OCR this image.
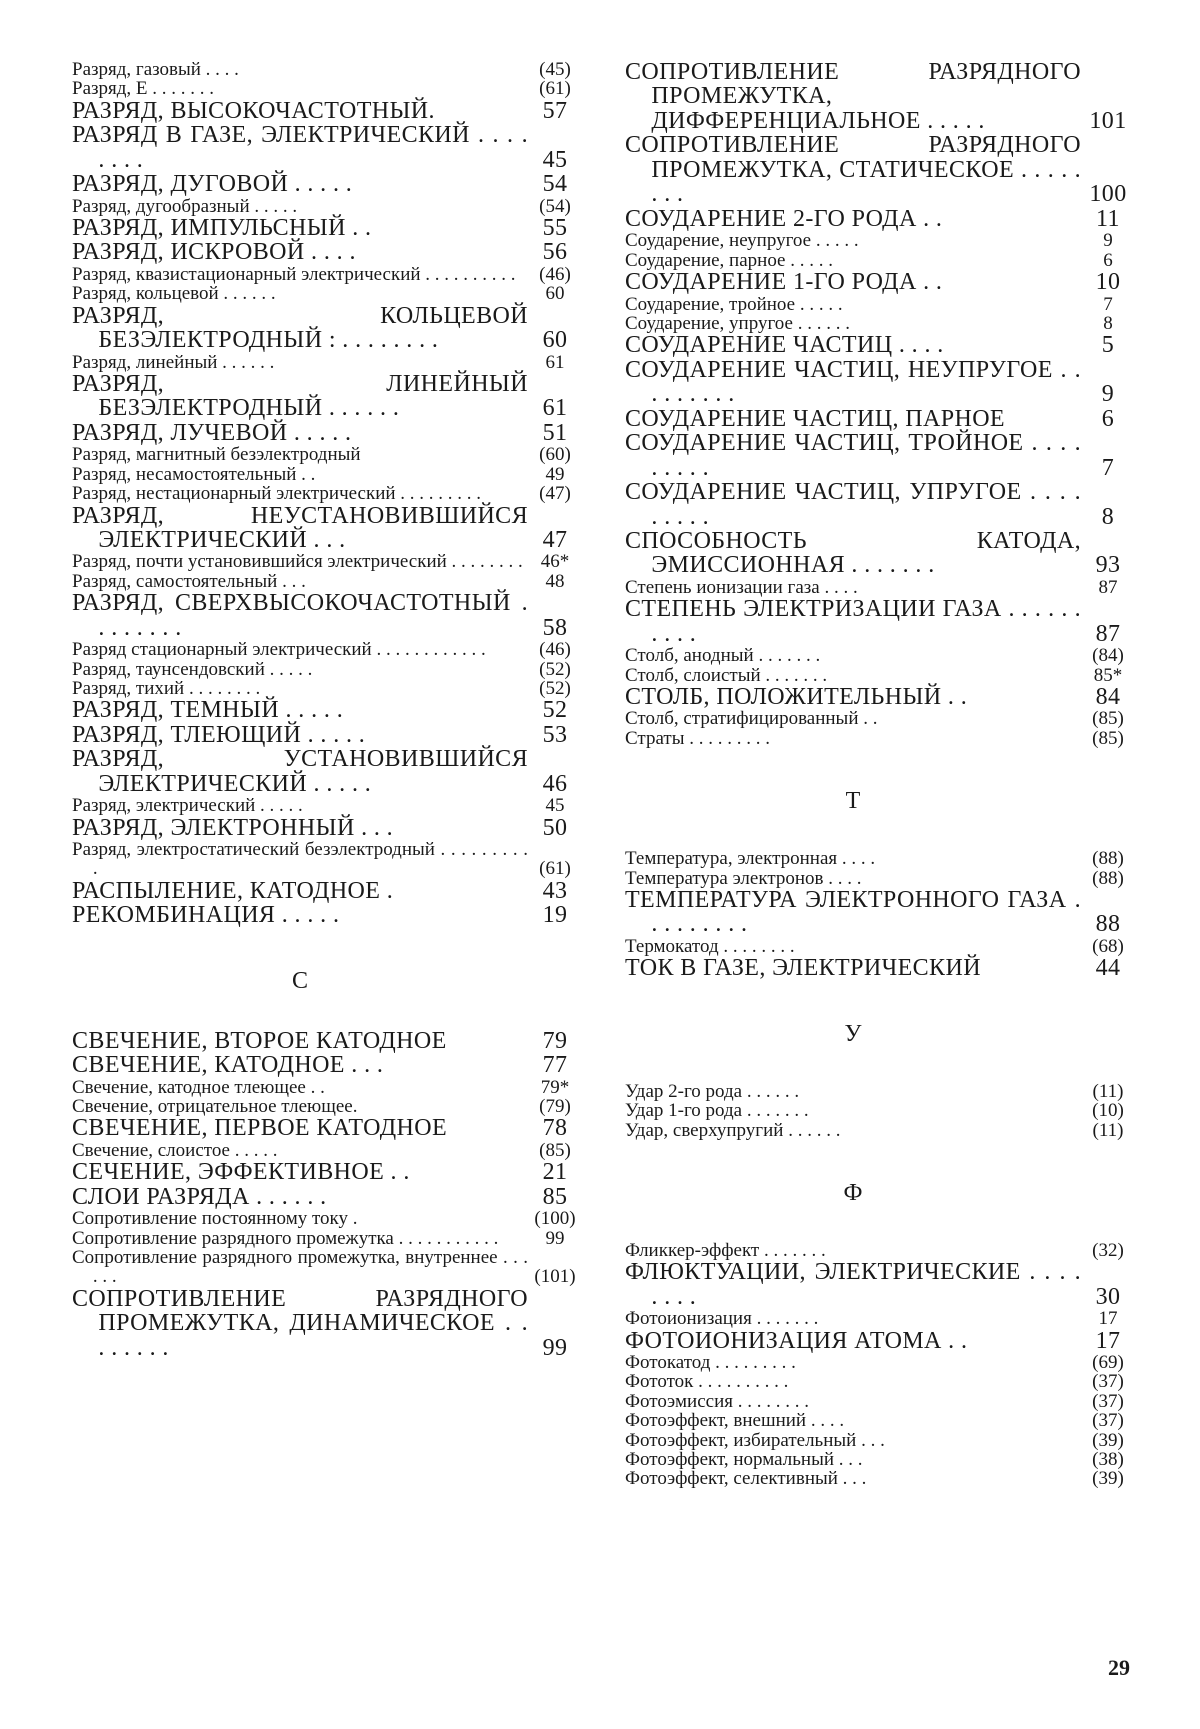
Разряд, газовый . . . .	(45)
Разряд, E . . . . . . .	(61)
РАЗРЯД, ВЫСОКОЧАСТОТНЫЙ.	57
РАЗРЯД В ГАЗЕ, ЭЛЕКТРИЧЕСКИЙ . . . . . . . .	45
РАЗРЯД, ДУГОВОЙ . . . . .	54
Разряд, дугообразный . . . . .	(54)
РАЗРЯД, ИМПУЛЬСНЫЙ . .	55
РАЗРЯД, ИСКРОВОЙ . . . .	56
Разряд, квазистационарный электрический . . . . . . . . . .	(46)
Разряд, кольцевой . . . . . .	60
РАЗРЯД, КОЛЬЦЕВОЙ БЕЗЭЛЕКТРОДНЫЙ : . . . . . . . .	60
Разряд, линейный . . . . . .	61
РАЗРЯД, ЛИНЕЙНЫЙ БЕЗЭЛЕКТРОДНЫЙ . . . . . .	61
РАЗРЯД, ЛУЧЕВОЙ . . . . .	51
Разряд, магнитный безэлектродный	(60)
Разряд, несамостоятельный . .	49
Разряд, нестационарный электрический . . . . . . . . .	(47)
РАЗРЯД, НЕУСТАНОВИВШИЙСЯ ЭЛЕКТРИЧЕСКИЙ . . .	47
Разряд, почти установившийся электрический . . . . . . . . 46*
Разряд, самостоятельный . . .	48
РАЗРЯД, СВЕРХВЫСОКОЧАСТОТНЫЙ . . . . . . . .	58
Разряд стационарный электрический . . . . . . . . . . . .	(46)
Разряд, таунсендовский . . . . .	(52)
Разряд, тихий . . . . . . . .	(52)
РАЗРЯД, ТЕМНЫЙ . . . . .	52
РАЗРЯД, ТЛЕЮЩИЙ . . . . .	53
РАЗРЯД, УСТАНОВИВШИЙСЯ ЭЛЕКТРИЧЕСКИЙ . . . . .	46
Разряд, электрический . . . . .	45
РАЗРЯД, ЭЛЕКТРОННЫЙ . . .	50
Разряд, электростатический безэлектродный . . . . . . . . . .	(61)
РАСПЫЛЕНИЕ, КАТОДНОЕ .	43
РЕКОМБИНАЦИЯ . . . . .	19
С
СВЕЧЕНИЕ, ВТОРОЕ КАТОДНОЕ	79
СВЕЧЕНИЕ, КАТОДНОЕ . . .	77
Свечение, катодное тлеющее . .	79*
Свечение, отрицательное тлеющее.	(79)
СВЕЧЕНИЕ, ПЕРВОЕ КАТОДНОЕ	78
Свечение, слоистое . . . . .	(85)
СЕЧЕНИЕ, ЭФФЕКТИВНОЕ . .	21
СЛОИ РАЗРЯДА . . . . . .	85
Сопротивление постоянному току .	(100)
Сопротивление разрядного промежутка . . . . . . . . . . .	99
Сопротивление разрядного промежутка, внутреннее . . . . . .	(101)
СОПРОТИВЛЕНИЕ РАЗРЯДНОГО ПРОМЕЖУТКА, ДИНАМИЧЕСКОЕ . . . . . . . .	99
СОПРОТИВЛЕНИЕ РАЗРЯДНОГО ПРОМЕЖУТКА, ДИФФЕРЕНЦИАЛЬНОЕ . . . . .	101
СОПРОТИВЛЕНИЕ РАЗРЯДНОГО ПРОМЕЖУТКА, СТАТИЧЕСКОЕ . . . . . . . .	100
СОУДАРЕНИЕ 2-ГО РОДА . .	11
Соударение, неупругое . . . . .	9
Соударение, парное . . . . .	6
СОУДАРЕНИЕ 1-ГО РОДА . .	10
Соударение, тройное . . . . .	7
Соударение, упругое . . . . . .	8
СОУДАРЕНИЕ ЧАСТИЦ . . . .	5
СОУДАРЕНИЕ ЧАСТИЦ, НЕУПРУГОЕ . . . . . . . . .	9
СОУДАРЕНИЕ ЧАСТИЦ, ПАРНОЕ	6
СОУДАРЕНИЕ ЧАСТИЦ, ТРОЙНОЕ . . . . . . . . .	7
СОУДАРЕНИЕ ЧАСТИЦ, УПРУГОЕ . . . . . . . . .	8
СПОСОБНОСТЬ КАТОДА, ЭМИССИОННАЯ . . . . . . .	93
Степень ионизации газа . . . .	87
СТЕПЕНЬ ЭЛЕКТРИЗАЦИИ ГАЗА . . . . . . . . . .	87
Столб, анодный . . . . . . .	(84)
Столб, слоистый . . . . . . .	85*
СТОЛБ, ПОЛОЖИТЕЛЬНЫЙ . .	84
Столб, стратифицированный . .	(85)
Страты . . . . . . . . .	(85)
Т
Температура, электронная . . . .	(88)
Температура электронов . . . .	(88)
ТЕМПЕРАТУРА ЭЛЕКТРОННОГО ГАЗА . . . . . . . . .	88
Термокатод . . . . . . . .	(68)
ТОК В ГАЗЕ, ЭЛЕКТРИЧЕСКИЙ	44
У
Удар 2-го рода . . . . . .	(11)
Удар 1-го рода . . . . . . .	(10)
Удар, сверхупругий . . . . . .	(11)
Ф
Фликкер-эффект . . . . . . .	(32)
ФЛЮКТУАЦИИ, ЭЛЕКТРИЧЕСКИЕ . . . . . . . .	30
Фотоионизация . . . . . . .	17
ФОТОИОНИЗАЦИЯ АТОМА . .	17
Фотокатод . . . . . . . . .	(69)
Фототок . . . . . . . . . .	(37)
Фотоэмиссия . . . . . . . .	(37)
Фотоэффект, внешний . . . .	(37)
Фотоэффект, избирательный . . .	(39)
Фотоэффект, нормальный . . .	(38)
Фотоэффект, селективный . . .	(39)
29
